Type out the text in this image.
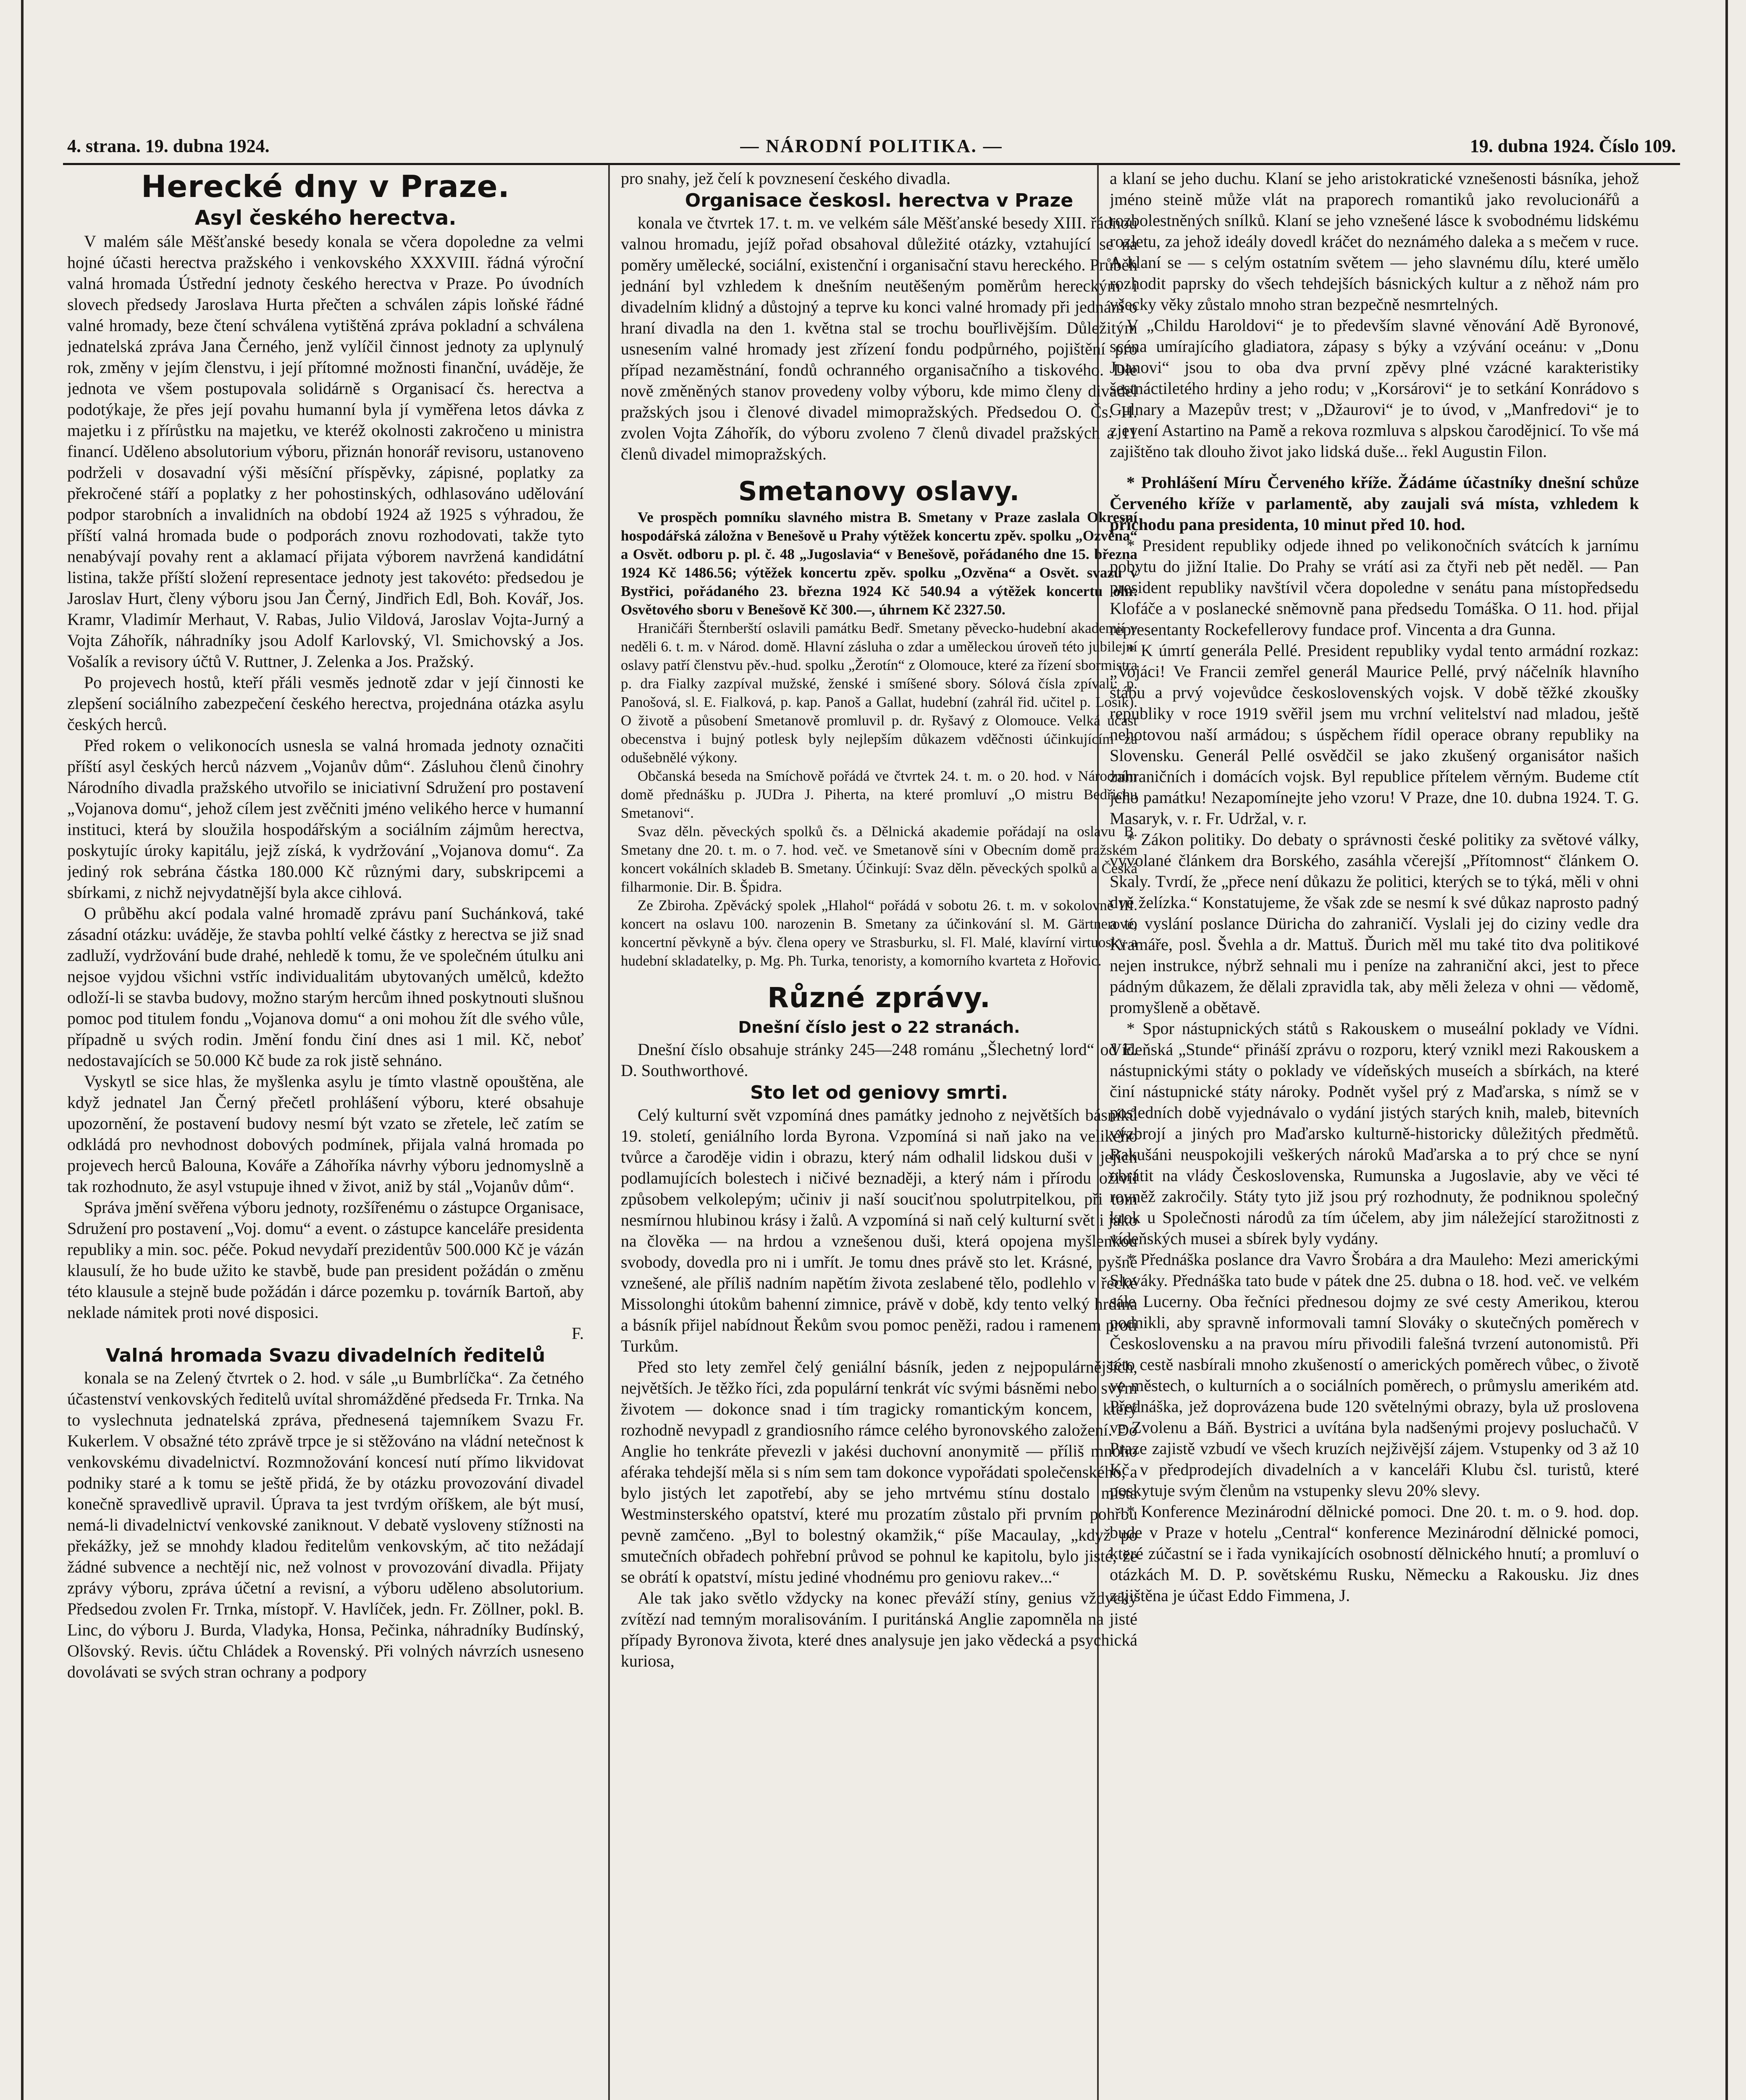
— NÁRODNÍ POLITIKA. —
4. strana. 19. dubna 1924.	19. dubna 1924. Číslo 109.
Herecké dny v Praze.
Asyl českého herectva.

V malém sále Měšťanské besedy konala se včera dopoledne za velmi hojné účasti herectva pražského i venkovského XXXVIII. řádná výroční valná hromada Ústřední jednoty českého herectva v Praze. Po úvodních slovech předsedy Jaroslava Hurta přečten a schválen zápis loňské řádné valné hromady, beze čtení schválena vytištěná zpráva pokladní a schválena jednatelská zpráva Jana Černého, jenž vylíčil činnost jednoty za uplynulý rok, změny v jejím členstvu, i její přítomné možnosti finanční, uváděje, že jednota ve všem postupovala solidárně s Organisací čs. herectva a podotýkaje, že přes její povahu humanní byla jí vyměřena letos dávka z majetku i z přírůstku na majetku, ve kteréž okolnosti zakročeno u ministra financí. Uděleno absolutorium výboru, přiznán honorář revisoru, ustanoveno podrželi v dosavadní výši měsíční příspěvky, zápisné, poplatky za překročené stáří a poplatky z her pohostinských, odhlasováno udělování podpor starobních a invalidních na období 1924 až 1925 s výhradou, že příští valná hromada bude o podporách znovu rozhodovati, takže tyto nenabývají povahy rent a aklamací přijata výborem navržená kandidátní listina, takže příští složení representace jednoty jest takovéto: předsedou je Jaroslav Hurt, členy výboru jsou Jan Černý, Jindřich Edl, Boh. Kovář, Jos. Kramr, Vladimír Merhaut, V. Rabas, Julio Vildová, Jaroslav Vojta-Jurný a Vojta Záhořík, náhradníky jsou Adolf Karlovský, Vl. Smichovský a Jos. Vošalík a revisory účtů V. Ruttner, J. Zelenka a Jos. Pražský.

Po projevech hostů, kteří přáli vesměs jednotě zdar v její činnosti ke zlepšení sociálního zabezpečení českého herectva, projednána otázka asylu českých herců.

Před rokem o velikonocích usnesla se valná hromada jednoty označiti příští asyl českých herců názvem „Vojanův dům“. Zásluhou členů činohry Národního divadla pražského utvořilo se iniciativní Sdružení pro postavení „Vojanova domu“, jehož cílem jest zvěčniti jméno velikého herce v humanní instituci, která by sloužila hospodářským a sociálním zájmům herectva, poskytujíc úroky kapitálu, jejž získá, k vydržování „Vojanova domu“. Za jediný rok sebrána částka 180.000 Kč různými dary, subskripcemi a sbírkami, z nichž nejvydatnější byla akce cihlová.

O průběhu akcí podala valné hromadě zprávu paní Suchánková, také zásadní otázku: uváděje, že stavba pohltí velké částky z herectva se již snad zadluží, vydržování bude drahé, nehledě k tomu, že ve společném útulku ani nejsoe vyjdou všichni vstříc individualitám ubytovaných umělců, kdežto odloží-li se stavba budovy, možno starým hercům ihned poskytnouti slušnou pomoc pod titulem fondu „Vojanova domu“ a oni mohou žít dle svého vůle, případně u svých rodin. Jmění fondu činí dnes asi 1 mil. Kč, neboť nedostavajících se 50.000 Kč bude za rok jistě sehnáno.

Vyskytl se sice hlas, že myšlenka asylu je tímto vlastně opouštěna, ale když jednatel Jan Černý přečetl prohlášení výboru, které obsahuje upozornění, že postavení budovy nesmí být vzato se zřetele, leč zatím se odkládá pro nevhodnost dobových podmínek, přijala valná hromada po projevech herců Balouna, Kováře a Záhoříka návrhy výboru jednomyslně a tak rozhodnuto, že asyl vstupuje ihned v život, aniž by stál „Vojanův dům“.

Správa jmění svěřena výboru jednoty, rozšířenému o zástupce Organisace, Sdružení pro postavení „Voj. domu“ a event. o zástupce kanceláře presidenta republiky a min. soc. péče. Pokud nevydaří prezidentův 500.000 Kč je vázán klausulí, že ho bude užito ke stavbě, bude pan president požádán o změnu této klausule a stejně bude požádán i dárce pozemku p. továrník Bartoň, aby neklade námitek proti nové disposici.

F.

Valná hromada Svazu divadelních ředitelů

konala se na Zelený čtvrtek o 2. hod. v sále „u Bumbrlíčka“. Za četného účastenství venkovských ředitelů uvítal shromážděné předseda Fr. Trnka. Na to vyslechnuta jednatelská zpráva, přednesená tajemníkem Svazu Fr. Kukerlem. V obsažné této zprávě trpce je si stěžováno na vládní netečnost k venkovskému divadelnictví. Rozmnožování koncesí nutí přímo likvidovat podniky staré a k tomu se ještě přidá, že by otázku provozování divadel konečně spravedlivě upravil. Úprava ta jest tvrdým oříškem, ale být musí, nemá-li divadelnictví venkovské zaniknout. V debatě vysloveny stížnosti na překážky, jež se mnohdy kladou ředitelům venkovským, ač tito nežádají žádné subvence a nechtějí nic, než volnost v provozování divadla. Přijaty zprávy výboru, zpráva účetní a revisní, a výboru uděleno absolutorium. Předsedou zvolen Fr. Trnka, místopř. V. Havlíček, jedn. Fr. Zöllner, pokl. B. Linc, do výboru J. Burda, Vladyka, Honsa, Pečinka, náhradníky Budínský, Olšovský. Revis. účtu Chládek a Rovenský. Při volných návrzích usneseno dovolávati se svých stran ochrany a podpory

pro snahy, jež čelí k povznesení českého divadla.

Organisace českosl. herectva v Praze

konala ve čtvrtek 17. t. m. ve velkém sále Měšťanské besedy XIII. řádnou valnou hromadu, jejíž pořad obsahoval důležité otázky, vztahující se na poměry umělecké, sociální, existenční i organisační stavu hereckého. Průběh jednání byl vzhledem k dnešním neutěšeným poměrům hereckým i divadelním klidný a důstojný a teprve ku konci valné hromady při jednání o hraní divadla na den 1. května stal se trochu bouřlivějším. Důležitým usnesením valné hromady jest zřízení fondu podpůrného, pojištění pro případ nezaměstnání, fondů ochranného organisačního a tiskového. Dle nově změněných stanov provedeny volby výboru, kde mimo členy divadel pražských jsou i členové divadel mimopražských. Předsedou O. Čs. H. zvolen Vojta Záhořík, do výboru zvoleno 7 členů divadel pražských a 11 členů divadel mimopražských.

Smetanovy oslavy.

Ve prospěch pomníku slavného mistra B. Smetany v Praze zaslala Okresní hospodářská záložna v Benešově u Prahy výtěžek koncertu zpěv. spolku „Ozvěna“ a Osvět. odboru p. pl. č. 48 „Jugoslavia“ v Benešově, pořádaného dne 15. března 1924 Kč 1486.56; výtěžek koncertu zpěv. spolku „Ozvěna“ a Osvět. svazu v Bystřici, pořádaného 23. března 1924 Kč 540.94 a výtěžek koncertu ohr. Osvětového sboru v Benešově Kč 300.—, úhrnem Kč 2327.50.

Hraničáři Šternberští oslavili památku Bedř. Smetany pěvecko-hudební akademií v neděli 6. t. m. v Národ. domě. Hlavní zásluha o zdar a uměleckou úroveň této jubilejní oslavy patří členstvu pěv.-hud. spolku „Žerotín“ z Olomouce, které za řízení sbormistra p. dra Fialky zazpíval mužské, ženské i smíšené sbory. Sólová čísla zpívali: p. Panošová, sl. E. Fialková, p. kap. Panoš a Gallat, hudební (zahrál řid. učitel p. Losík). O životě a působení Smetanově promluvil p. dr. Ryšavý z Olomouce. Velká účast obecenstva i bujný potlesk byly nejlepším důkazem vděčnosti účinkujícím za odušebnělé výkony.

Občanská beseda na Smíchově pořádá ve čtvrtek 24. t. m. o 20. hod. v Národním domě přednášku p. JUDra J. Piherta, na které promluví „O mistru Bedřichu Smetanovi“.

Svaz děln. pěveckých spolků čs. a Dělnická akademie pořádají na oslavu B. Smetany dne 20. t. m. o 7. hod. več. ve Smetanově síni v Obecním domě pražském koncert vokálních skladeb B. Smetany. Účinkují: Svaz děln. pěveckých spolků a Česká filharmonie. Dir. B. Špidra.

Ze Zbiroha. Zpěvácký spolek „Hlahol“ pořádá v sobotu 26. t. m. v sokolovně III. koncert na oslavu 100. narozenin B. Smetany za účinkování sl. M. Gärtnerové, koncertní pěvkyně a býv. člena opery ve Strasburku, sl. Fl. Malé, klavírní virtuosky a hudební skladatelky, p. Mg. Ph. Turka, tenoristy, a komorního kvarteta z Hořovic.

Různé zprávy.
Dnešní číslo jest o 22 stranách.

Dnešní číslo obsahuje stránky 245—248 románu „Šlechetný lord“ od E. D. Southworthové.

Sto let od geniovy smrti.

Celý kulturní svět vzpomíná dnes památky jednoho z největších básníků 19. století, geniálního lorda Byrona. Vzpomíná si naň jako na velikého tvůrce a čaroděje vidin i obrazu, který nám odhalil lidskou duši v jejích podlamujících bolestech i ničivé beznaději, a který nám i přírodu oživil způsobem velkolepým; učiniv ji naší souciťnou spolutrpitelkou, při tom nesmírnou hlubinou krásy i žalů. A vzpomíná si naň celý kulturní svět i jako na člověka — na hrdou a vznešenou duši, která opojena myšlenkou svobody, dovedla pro ni i umřít. Je tomu dnes právě sto let. Krásné, pyšné vznešené, ale příliš nadním napětím života zeslabené tělo, podlehlo v řecké Missolonghi útokům bahenní zimnice, právě v době, kdy tento velký hrdina a básník přijel nabídnout Řekům svou pomoc peněži, radou i ramenem proti Turkům.

Před sto lety zemřel čelý geniální básník, jeden z nejpopulárnějších, největších. Je těžko říci, zda populární tenkrát víc svými básněmi nebo svým životem — dokonce snad i tím tragicky romantickým koncem, který rozhodně nevypadl z grandiosního rámce celého byronovského založení. Do Anglie ho tenkráte převezli v jakési duchovní anonymitě — příliš mnoho aféraka tehdejší měla si s ním sem tam dokonce vypořádati společenského, a bylo jistých let zapotřebí, aby se jeho mrtvému stínu dostalo místa Westminsterského opatství, které mu prozatím zůstalo při prvním pohřbu pevně zamčeno. „Byl to bolestný okamžik,“ píše Macaulay, „když po smutečních obřadech pohřební průvod se pohnul ke kapitolu, bylo jisté, že se obrátí k opatství, místu jediné vhodnému pro geniovu rakev...“

Ale tak jako světlo vždycky na konec převáží stíny, genius vždycky zvítězí nad temným moralisováním. I puritánská Anglie zapomněla na jisté případy Byronova života, které dnes analysuje jen jako vědecká a psychická kuriosa,

a klaní se jeho duchu. Klaní se jeho aristokratické vznešenosti básníka, jehož jméno steině může vlát na praporech romantiků jako revolucionářů a rozbolestněných snílků. Klaní se jeho vznešené lásce k svobodnému lidskému rozletu, za jehož ideály dovedl kráčet do neznámého daleka a s mečem v ruce. A klaní se — s celým ostatním světem — jeho slavnému dílu, které umělo rozhodit paprsky do všech tehdejších básnických kultur a z něhož nám pro všecky věky zůstalo mnoho stran bezpečně nesmrtelných.

V „Childu Haroldovi“ je to především slavné věnování Adě Byronové, scéna umírajícího gladiatora, zápasy s býky a vzývání oceánu: v „Donu Juanovi“ jsou to oba dva první zpěvy plné vzácné karakteristiky šestnáctiletého hrdiny a jeho rodu; v „Korsárovi“ je to setkání Konrádovo s Gulnary a Mazepův trest; v „Džaurovi“ je to úvod, v „Manfredovi“ je to zjevení Astartino na Pamě a rekova rozmluva s alpskou čarodějnicí. To vše má zajištěno tak dlouho život jako lidská duše... řekl Augustin Filon.

* Prohlášení Míru Červeného kříže. Žádáme účastníky dnešní schůze Červeného kříže v parlamentě, aby zaujali svá místa, vzhledem k příchodu pana presidenta, 10 minut před 10. hod.

* President republiky odjede ihned po velikonočních svátcích k jarnímu pobytu do jižní Italie. Do Prahy se vrátí asi za čtyři neb pět neděl. — Pan president republiky navštívil včera dopoledne v senátu pana místopředsedu Klofáče a v poslanecké sněmovně pana předsedu Tomáška. O 11. hod. přijal representanty Rockefellerovy fundace prof. Vincenta a dra Gunna.

* K úmrtí generála Pellé. President republiky vydal tento armádní rozkaz: „Vojáci! Ve Francii zemřel generál Maurice Pellé, prvý náčelník hlavního štábu a prvý vojevůdce československých vojsk. V době těžké zkoušky republiky v roce 1919 svěřil jsem mu vrchní velitelství nad mladou, ještě nehotovou naší armádou; s úspěchem řídil operace obrany republiky na Slovensku. Generál Pellé osvědčil se jako zkušený organisátor našich zahraničních i domácích vojsk. Byl republice přítelem věrným. Budeme ctít jeho památku! Nezapomínejte jeho vzoru! V Praze, dne 10. dubna 1924. T. G. Masaryk, v. r. Fr. Udržal, v. r.

* Zákon politiky. Do debaty o správnosti české politiky za světové války, vyvolané článkem dra Borského, zasáhla včerejší „Přítomnost“ článkem O. Skaly. Tvrdí, že „přece není důkazu že politici, kterých se to týká, měli v ohni dvě želízka.“ Konstatujeme, že však zde se nesmí k své důkaz naprosto padný a to vyslání poslance Düricha do zahraničí. Vyslali jej do ciziny vedle dra Kramáře, posl. Švehla a dr. Mattuš. Ďurich měl mu také tito dva politikové nejen instrukce, nýbrž sehnali mu i peníze na zahraniční akci, jest to přece pádným důkazem, že dělali zpravidla tak, aby měli železa v ohni — vědomě, promyšleně a obětavě.

* Spor nástupnických států s Rakouskem o museální poklady ve Vídni. Vídeňská „Stunde“ přináší zprávu o rozporu, který vznikl mezi Rakouskem a nástupnickými státy o poklady ve vídeňských museích a sbírkách, na které činí nástupnické státy nároky. Podnět vyšel prý z Maďarska, s nímž se v posledních době vyjednávalo o vydání jistých starých knih, maleb, bitevních výzbrojí a jiných pro Maďarsko kulturně-historicky důležitých předmětů. Rakušáni neuspokojili veškerých nároků Maďarska a to prý chce se nyní obrátit na vlády Československa, Rumunska a Jugoslavie, aby ve věci té rovněž zakročily. Státy tyto již jsou prý rozhodnuty, že podniknou společný krok u Společnosti národů za tím účelem, aby jim náležející starožitnosti z vídeňských musei a sbírek byly vydány.

* Přednáška poslance dra Vavro Šrobára a dra Mauleho: Mezi americkými Slováky. Přednáška tato bude v pátek dne 25. dubna o 18. hod. več. ve velkém sále Lucerny. Oba řečníci přednesou dojmy ze své cesty Amerikou, kterou podnikli, aby spravně informovali tamní Slováky o skutečných poměrech v Československu a na pravou míru přivodili falešná tvrzení autonomistů. Při této cestě nasbírali mnoho zkušeností o amerických poměrech vůbec, o životě ve městech, o kulturních a o sociálních poměrech, o průmyslu amerikém atd. Přednáška, jež doprovázena bude 120 světelnými obrazy, byla už proslovena ve Zvolenu a Báň. Bystrici a uvítána byla nadšenými projevy posluchačů. V Praze zajistě vzbudí ve všech kruzích nejživější zájem. Vstupenky od 3 až 10 Kč v předprodejích divadelních a v kanceláři Klubu čsl. turistů, které poskytuje svým členům na vstupenky slevu 20% slevy.

* Konference Mezinárodní dělnické pomoci. Dne 20. t. m. o 9. hod. dop. bude v Praze v hotelu „Central“ konference Mezinárodní dělnické pomoci, které zúčastní se i řada vynikajících osobností dělnického hnutí; a promluví o otázkách M. D. P. sovětskému Rusku, Německu a Rakousku. Jiz dnes zajištěna je účast Eddo Fimmena, J.
